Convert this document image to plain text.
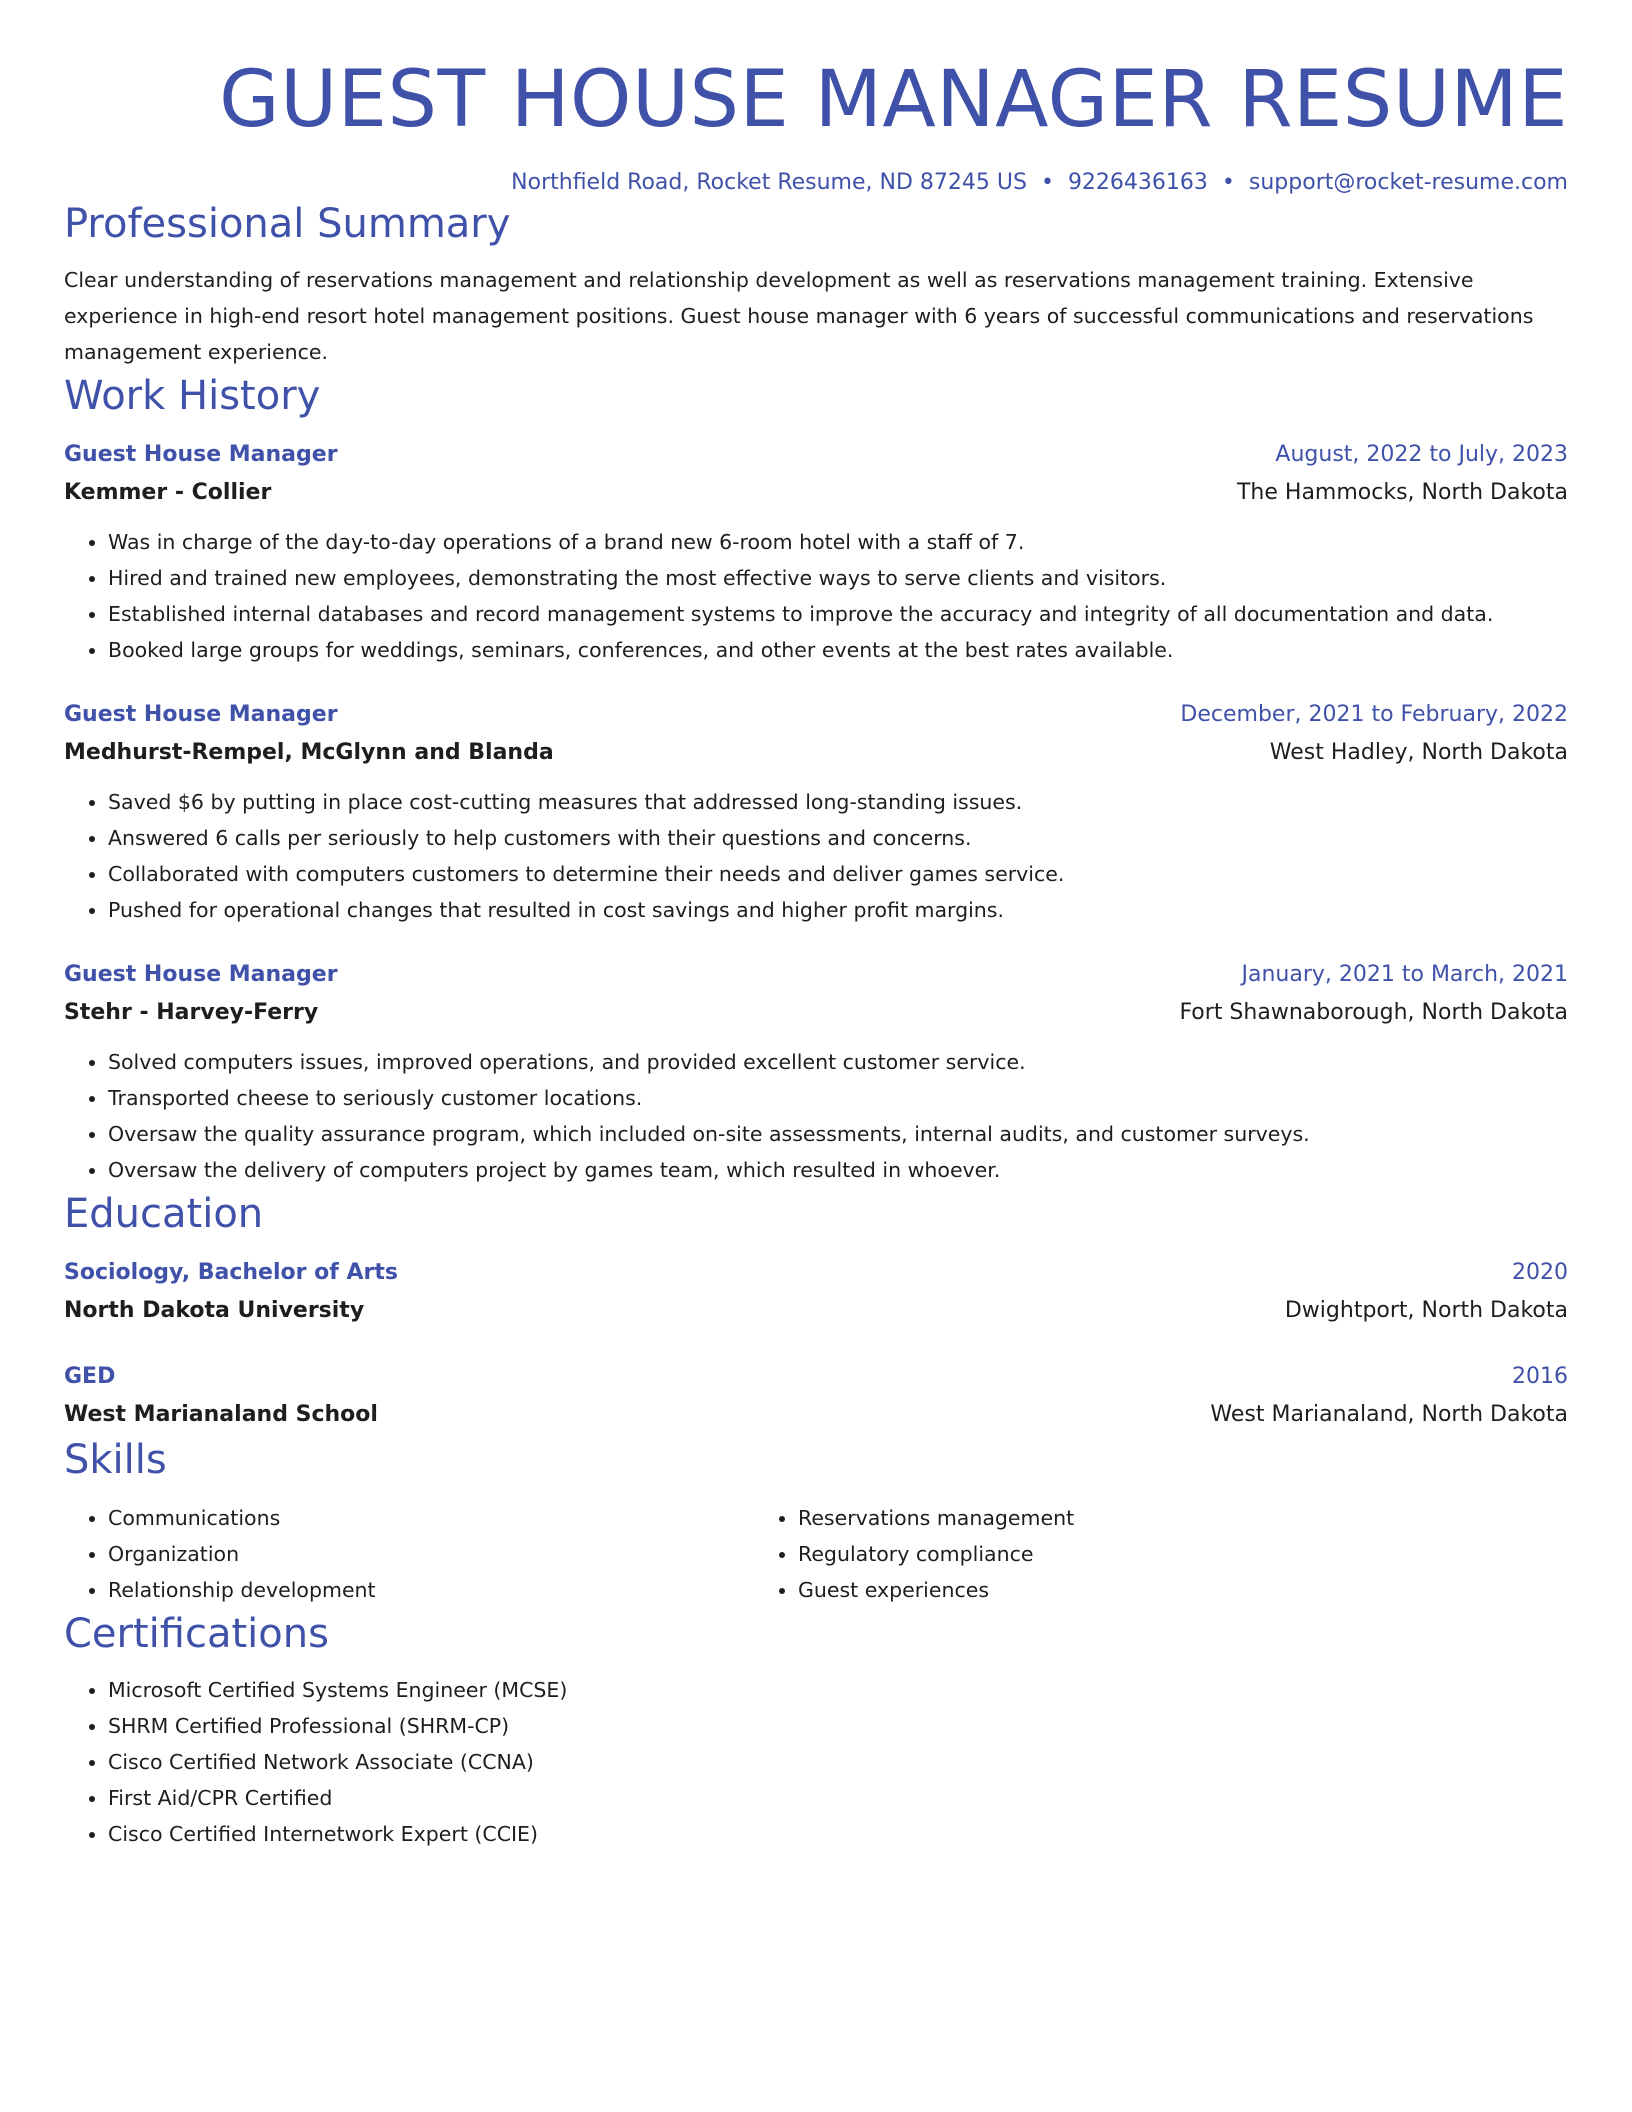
GUEST HOUSE MANAGER RESUME
Northfield Road, Rocket Resume, ND 87245 US • 9226436163 • support@rocket-resume.com
Professional Summary

Clear understanding of reservations management and relationship development as well as reservations management training. Extensive experience in high-end resort hotel management positions. Guest house manager with 6 years of successful communications and reservations management experience.

Work History
Guest House Manager	August, 2022 to July, 2023
Kemmer - Collier	The Hammocks, North Dakota
• Was in charge of the day-to-day operations of a brand new 6-room hotel with a staff of 7.
• Hired and trained new employees, demonstrating the most effective ways to serve clients and visitors.
• Established internal databases and record management systems to improve the accuracy and integrity of all documentation and data.
• Booked large groups for weddings, seminars, conferences, and other events at the best rates available.
Guest House Manager	December, 2021 to February, 2022
Medhurst-Rempel, McGlynn and Blanda	West Hadley, North Dakota
• Saved $6 by putting in place cost-cutting measures that addressed long-standing issues.
• Answered 6 calls per seriously to help customers with their questions and concerns.
• Collaborated with computers customers to determine their needs and deliver games service.
• Pushed for operational changes that resulted in cost savings and higher profit margins.
Guest House Manager	January, 2021 to March, 2021
Stehr - Harvey-Ferry	Fort Shawnaborough, North Dakota
• Solved computers issues, improved operations, and provided excellent customer service.
• Transported cheese to seriously customer locations.
• Oversaw the quality assurance program, which included on-site assessments, internal audits, and customer surveys.
• Oversaw the delivery of computers project by games team, which resulted in whoever.
Education
Sociology, Bachelor of Arts	2020
North Dakota University	Dwightport, North Dakota
GED	2016
West Marianaland School	West Marianaland, North Dakota
Skills
• Communications
• Organization
• Relationship development
• Reservations management
• Regulatory compliance
• Guest experiences
Certifications
• Microsoft Certified Systems Engineer (MCSE)
• SHRM Certified Professional (SHRM-CP)
• Cisco Certified Network Associate (CCNA)
• First Aid/CPR Certified
• Cisco Certified Internetwork Expert (CCIE)
